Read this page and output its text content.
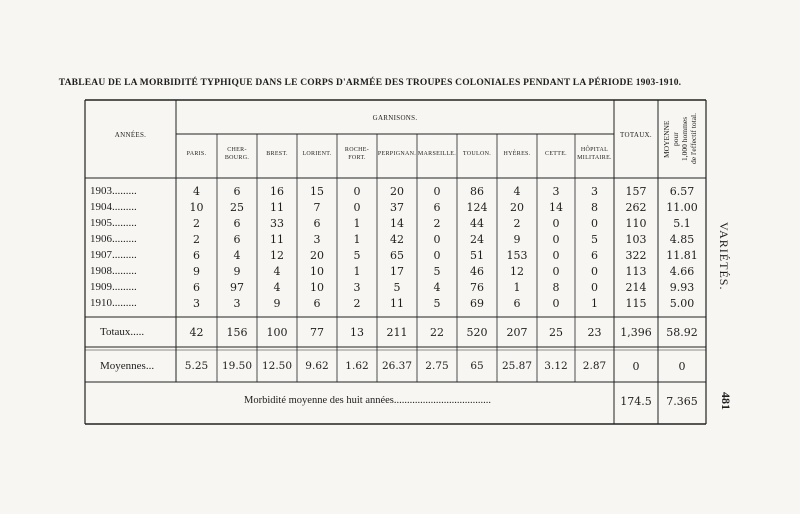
TABLEAU DE LA MORBIDITÉ TYPHIQUE DANS LE CORPS D'ARMÉE DES TROUPES COLONIALES PENDANT LA PÉRIODE 1903-1910.
ANNÉES.
GARNISONS.
TOTAUX.	MOYENNE
pour
1,000 hommes
de l'effectif total.
PARIS.
CHER-
BOURG.
BREST.	LORIENT.
ROCHE-
FORT.
PERPIGNAN. MARSEILLE.	TOULON.	HYÈRES.	CETTE.
HÔPITAL
MILITAIRE.
1903.........	4	6	16	15	0	20	0	86	4	3	3	157	6.57
1904.........	10	25	11	7	0	37	6	124	20	14	8	262	11.00
1905.........	2	6	33	6	1	14	2	44	2	0	0	110	5.1
1906.........	2	6	11	3	1	42	0	24	9	0	5	103	4.85
1907.........	6	4	12	20	5	65	0	51	153	0	6	322	11.81
1908.........	9	9	4	10	1	17	5	46	12	0	0	113	4.66
1909.........	6	97	4	10	3	5	4	76	1	8	0	214	9.93
1910.........	3	3	9	6	2	11	5	69	6	0	1	115	5.00
Totaux.....	42	156	100	77	13	211	22	520	207	25	23	1,396	58.92
Moyennes...	5.25	19.50 12.50	9.62	1.62	26.37	2.75	65	25.87	3.12	2.87	0	0
Morbidité moyenne des huit années.....................................	174.5	7.365
VARIÉTÉS.
481
